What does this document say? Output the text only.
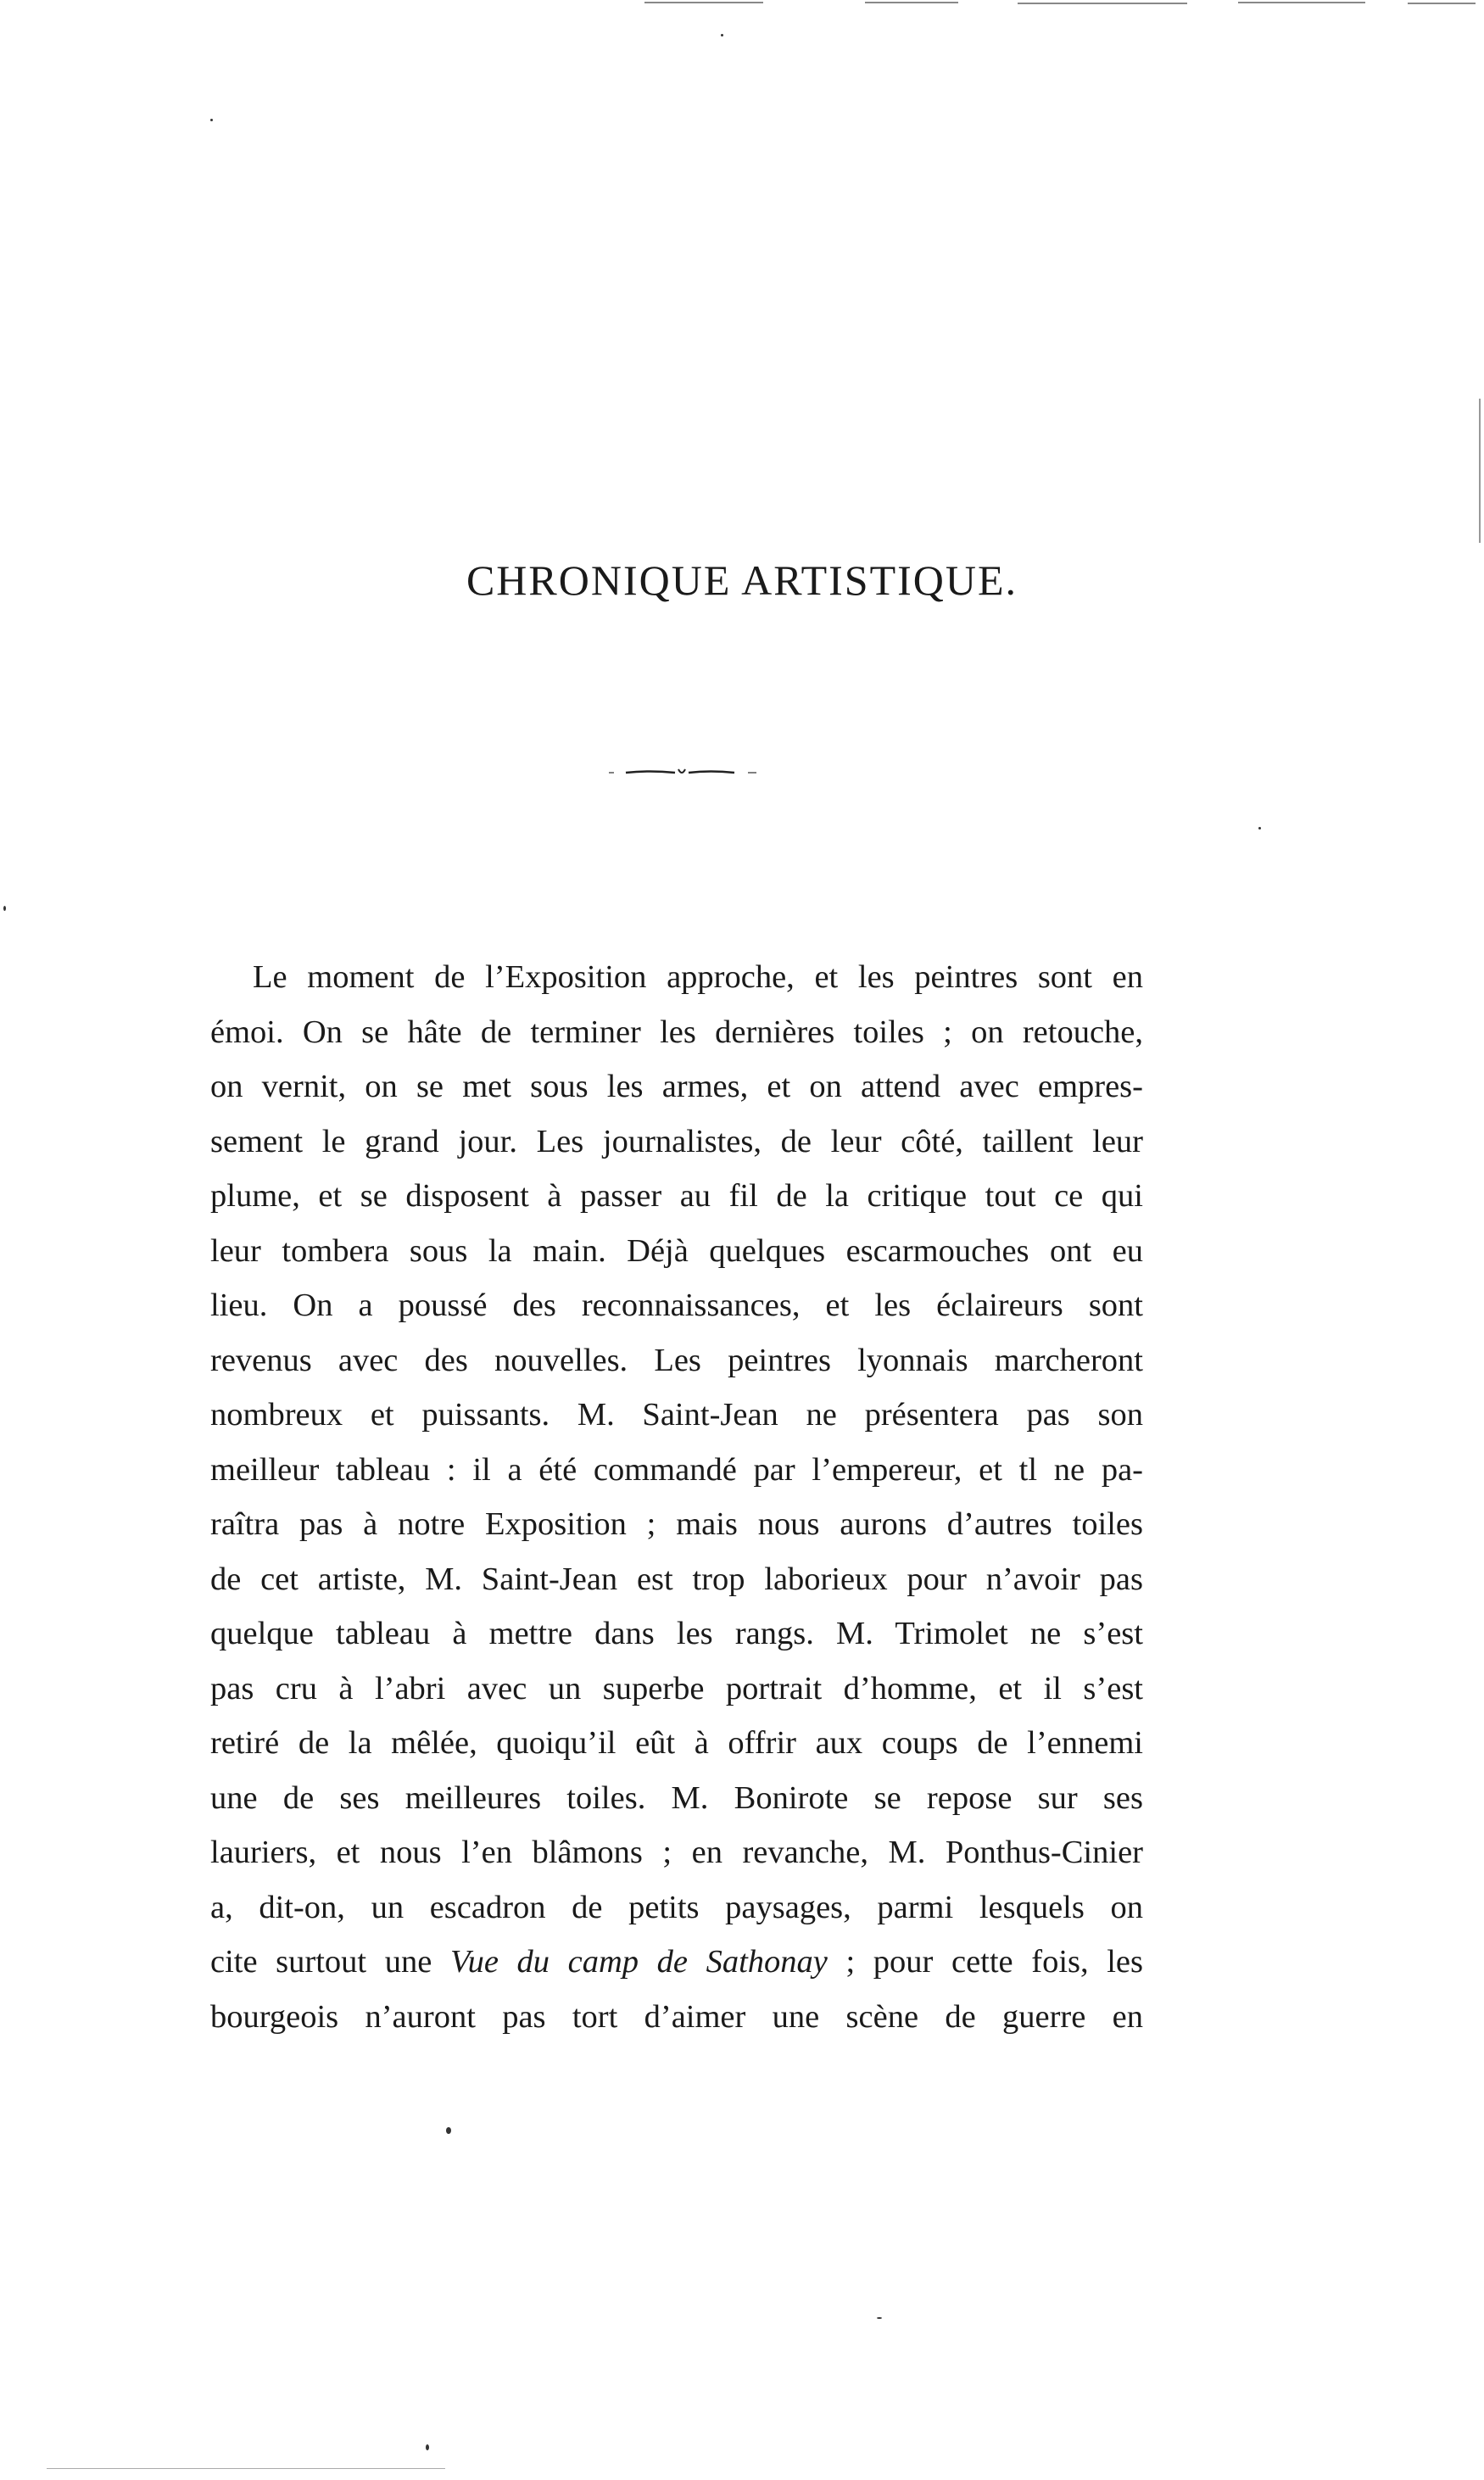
CHRONIQUE ARTISTIQUE.
Le moment de l’Exposition approche, et les peintres sont en
émoi. On se hâte de terminer les dernières toiles ; on retouche,
on vernit, on se met sous les armes, et on attend avec empres-
sement le grand jour. Les journalistes, de leur côté, taillent leur
plume, et se disposent à passer au fil de la critique tout ce qui
leur tombera sous la main. Déjà quelques escarmouches ont eu
lieu. On a poussé des reconnaissances, et les éclaireurs sont
revenus avec des nouvelles. Les peintres lyonnais marcheront
nombreux et puissants. M. Saint-Jean ne présentera pas son
meilleur tableau : il a été commandé par l’empereur, et tl ne pa-
raîtra pas à notre Exposition ; mais nous aurons d’autres toiles
de cet artiste, M. Saint-Jean est trop laborieux pour n’avoir pas
quelque tableau à mettre dans les rangs. M. Trimolet ne s’est
pas cru à l’abri avec un superbe portrait d’homme, et il s’est
retiré de la mêlée, quoiqu’il eût à offrir aux coups de l’ennemi
une de ses meilleures toiles. M. Bonirote se repose sur ses
lauriers, et nous l’en blâmons ; en revanche, M. Ponthus-Cinier
a, dit-on, un escadron de petits paysages, parmi lesquels on
cite surtout une Vue du camp de Sathonay ; pour cette fois, les
bourgeois n’auront pas tort d’aimer une scène de guerre en
